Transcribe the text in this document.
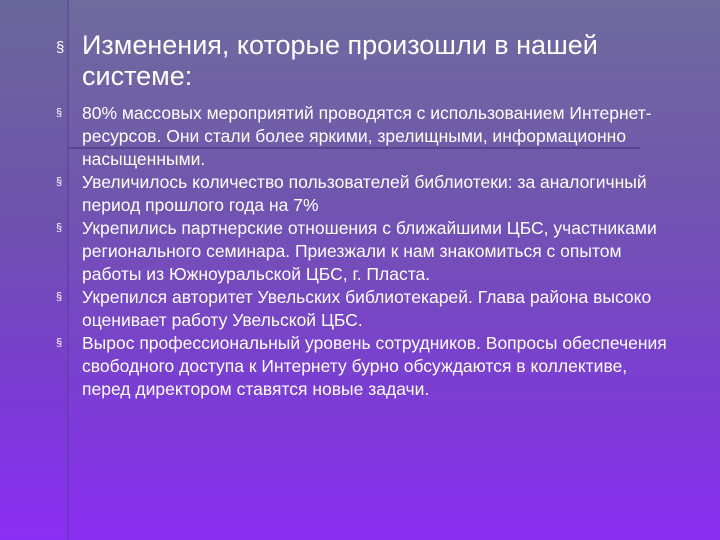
§ Изменения, которые произошли в нашей системе:
§	80% массовых мероприятий проводятся с использованием Интернет-ресурсов. Они стали более яркими, зрелищными, информационно насыщенными.
§	Увеличилось количество пользователей библиотеки: за аналогичный период прошлого года на 7%
§	Укрепились партнерские отношения с ближайшими ЦБС, участниками регионального семинара. Приезжали к нам знакомиться с опытом работы из Южноуральской ЦБС, г. Пласта.
§	Укрепился авторитет Увельских библиотекарей. Глава района высоко оценивает работу Увельской ЦБС.
§	Вырос профессиональный уровень сотрудников. Вопросы обеспечения свободного доступа к Интернету бурно обсуждаются в коллективе, перед директором ставятся новые задачи.
